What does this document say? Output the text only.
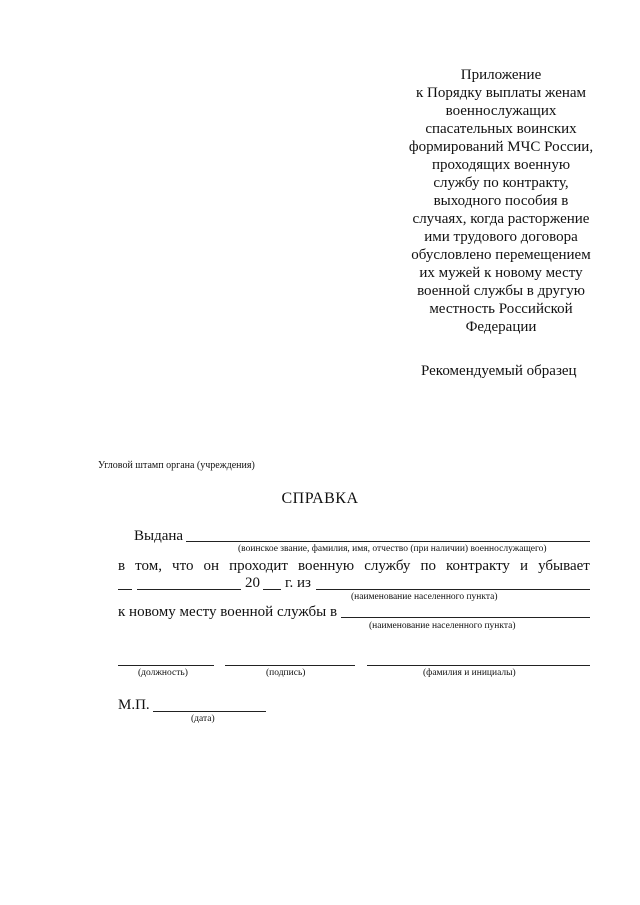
Приложение
к Порядку выплаты женам
военнослужащих
спасательных воинских
формирований МЧС России,
проходящих военную
службу по контракту,
выходного пособия в
случаях, когда расторжение
ими трудового договора
обусловлено перемещением
их мужей к новому месту
военной службы в другую
местность Российской
Федерации
Рекомендуемый образец
Угловой штамп органа (учреждения)
СПРАВКА
Выдана
(воинское звание, фамилия, имя, отчество (при наличии) военнослужащего)
в том, что он проходит военную службу по контракту и убывает
20 г. из
(наименование населенного пункта)
к новому месту военной службы в
(наименование населенного пункта)
(должность)	(подпись)	(фамилия и инициалы)
М.П.
(дата)
